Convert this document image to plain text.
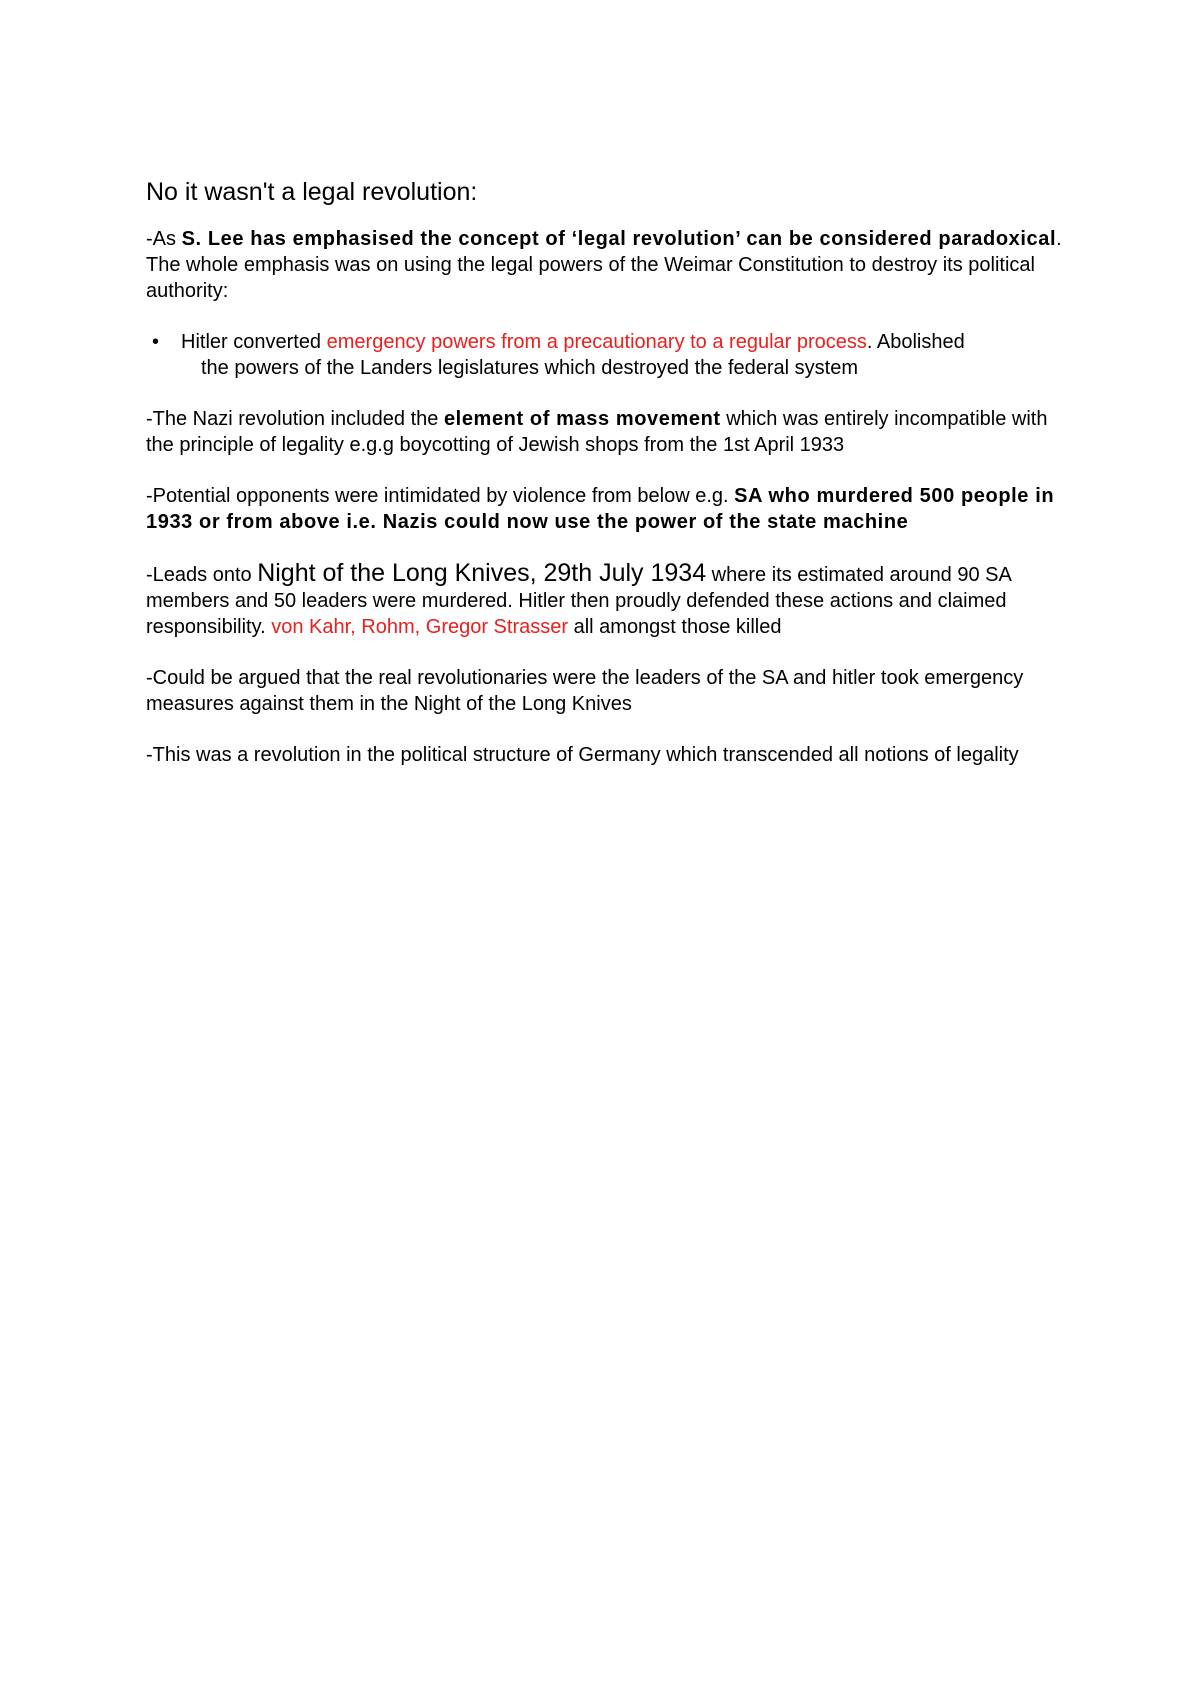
No it wasn't a legal revolution:

-As S. Lee has emphasised the concept of ‘legal revolution’ can be considered paradoxical. The whole emphasis was on using the legal powers of the Weimar Constitution to destroy its political authority:

• Hitler converted emergency powers from a precautionary to a regular process. Abolished
the powers of the Landers legislatures which destroyed the federal system

-The Nazi revolution included the element of mass movement which was entirely incompatible with the principle of legality e.g.g boycotting of Jewish shops from the 1st April 1933

-Potential opponents were intimidated by violence from below e.g. SA who murdered 500 people in 1933 or from above i.e. Nazis could now use the power of the state machine

-Leads onto Night of the Long Knives, 29th July 1934 where its estimated around 90 SA members and 50 leaders were murdered. Hitler then proudly defended these actions and claimed responsibility. von Kahr, Rohm, Gregor Strasser all amongst those killed

-Could be argued that the real revolutionaries were the leaders of the SA and hitler took emergency measures against them in the Night of the Long Knives

-This was a revolution in the political structure of Germany which transcended all notions of legality
